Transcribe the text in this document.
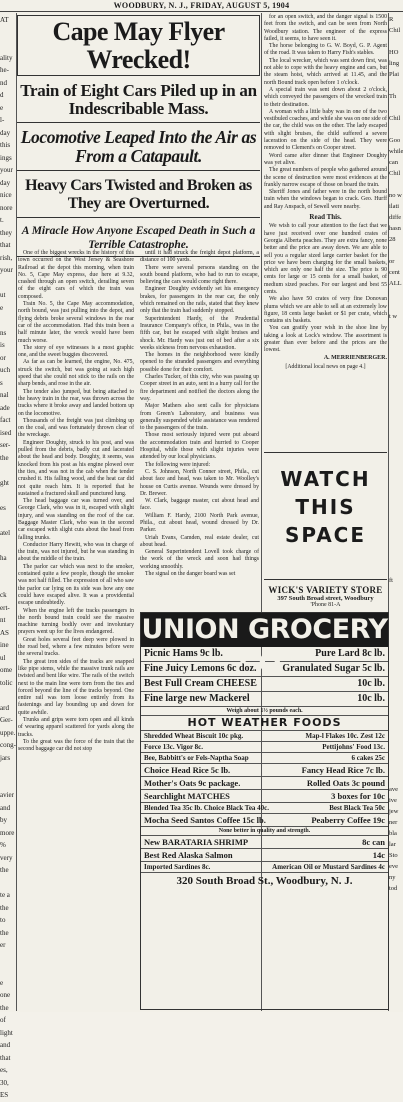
WOODBURY, N. J., FRIDAY, AUGUST 5, 1904
AT

ality
he-
nd
d
e
l-
day
this
ings
your
day
nice
nore
t.
they
that
rish,
your

ut
e

ns
is
or
uch
s
nal
ade
fact
ised
ser-
the

ght

es

atel

ha

ck
ert-
nt
AS
ine
ul
ome
tolic

ard
Ger-
uppe.
cong-
jars

avier
and
by
more
%
very
the

te a
the
to
the
er

e
one
the
of
light
and
that
es,
30,
ES
R
Chil

HO
ling
Plai

Th

Chil

Goo
while
can
Chil

no w
ilati
diffe
hasn
28

or
cent
ALL

t w

ft

ave
ive
jew
ner
bla
lar
Sto
eve
ny
tod
Cape May Flyer Wrecked!
Train of Eight Cars Piled up in an Indescribable Mass.
Locomotive Leaped Into the Air as From a Catapault.
Heavy Cars Twisted and Broken as They are Overturned.
A Miracle How Anyone Escaped Death in Such a Terrible Catastrophe.

One of the biggest wrecks in the history of this town occurred on the West Jersey & Seashore Railroad at the depot this morning, when train No. 5, Cape May express, due here at 9.32, crashed through an open switch, derailing seven of the eight cars of which the train was composed.

Train No. 5, the Cape May accommodation, north bound, was just pulling into the depot, and flying debris broke several windows in the rear car of the accommodation. Had this train been a half minute later, the wreck would have been much worse.

The story of eye witnesses is a most graphic one, and the sweet buggies discovered.

As far as can be learned, the engine, No. 475, struck the switch, but was going at such high speed that she could not stick to the rails on the sharp bends, and rose in the air.

The tender also jumped, but being attached to the heavy train in the rear, was thrown across the tracks where it broke away and landed bottom up on the locomotive.

Thousands of the freight was just climbing up on the coal, and was fortunately thrown clear of the wreckage.

Engineer Doughty, struck to his post, and was pulled from the debris, badly cut and lacerated about the head and body. Doughty, it seems, was knocked from his post as his engine plowed over the ties, and was not in the cab when the tender crushed it. His falling wood, and the heat car did not quite reach him. It is reported that he sustained a fractured skull and punctured lung.

The head baggage car was turned over, and George Clark, who was in it, escaped with slight injury, and was standing on the roof of the car. Baggage Master Clark, who was in the second car escaped with slight cuts about the head from falling trunks.

Conductor Harry Hewitt, who was in charge of the train, was not injured, but he was standing in about the middle of the train.

The parlor car which was next to the smoker, contained quite a few people, though the smoker was not half filled. The expression of all who saw the parlor car lying on its side was how any one could have escaped alive. It was a providential escape undoubtedly.

When the engine left the tracks passengers in the north bound train could see the massive machine turning bodily over and involuntary prayers went up for the lives endangered.

Great holes several feet deep were plowed in the road bed, where a few minutes before were the several tracks.

The great iron sides of the tracks are snapped like pipe stems, while the massive trunk rails are twisted and bent like wire. The rails of the switch next to the main line were torn from the ties and forced beyond the line of the tracks beyond. One entire rail was torn loose entirely from its fastenings and lay bounding up and down for quite awhile.

Trunks and grips were torn open and all kinds of wearing apparel scattered for yards along the tracks.

To the great was the force of the train that the second baggage car did not stop

until it had struck the freight depot platform, a distance of 100 yards.

There were several persons standing on the south bound platform, who had to run to escape, believing the cars would come right there.

Engineer Doughty evidently set his emergency brakes, for passengers in the rear car, the only which remained on the rails, stated that they knew only that the train had suddenly stopped.

Superintendent Hardy, of the Prudential Insurance Company's office, in Phila., was in the fifth car, but he escaped with slight bruises and shock. Mr. Hardy was just out of bed after a six weeks sickness from nervous exhaustion.

The homes in the neighborhood were kindly opened to the stranded passengers and everything possible done for their comfort.

Charles Tucker, of this city, who was passing up Cooper street in an auto, sent in a hurry call for the fire department and notified the doctors along the way.

Major Mathers also sent calls for physicians from Green's Laboratory, and business was generally suspended while assistance was rendered to the passengers of the train.

Those most seriously injured were put aboard the accommodation train and hurried to Cooper Hospital, while those with slight injuries were attended by our local physicians.

The following were injured:

C. S. Johnson, North Conner street, Phila., cut about face and head, was taken to Mr. Woolley's house on Curtis avenue. Wounds were dressed by Dr. Brewer.

W. Clark, baggage master, cut about head and face.

William F. Hardy, 2100 North Park avenue, Phila., cut about head, wound dressed by Dr. Parker.

Uriah Evans, Camden, real estate dealer, cut about head.

General Superintendent Lovell took charge of the work of the wreck and soon had things working smoothly.

The signal on the danger board was set

for an open switch, and the danger signal is 1500 feet from the switch, and can be seen from North Woodbury station. The engineer of the express failed, it seems, to have seen it.

The horse belonging to G. W. Boyd, G. P. Agent of the road. It was taken to Harry Fish's stables.

The local wrecker, which was sent down first, was not able to cope with the heavy engine and cars, but the steam hoist, which arrived at 11.45, and the north Bound track open before 1 o'clock.

A special train was sent down about 2 o'clock, which conveyed the passengers of the wrecked train to their destination.

A woman with a little baby was in one of the two vestibuled coaches, and while she was on one side of the car, the child was on the other. The lady escaped with slight bruises, the child suffered a severe laceration on the side of the head. They were removed to Clement's on Cooper street.

Word came after dinner that Engineer Doughty was yet alive.

The great numbers of people who gathered around the scene of destruction were most evidences at the frankly narrow escape of those on board the train.

Sheriff Jones and father were in the north bound train when the windows began to crack. Geo. Hurff and Ray Anspach, of Sewell were nearby.

Read This.

We wish to call your attention to the fact that we have just received over one hundred crates of Georgia Alberta peaches. They are extra fancy, none better and the price are away down. We are able to sell you a regular sized large carrier basket for the price we have been charging for the small baskets, which are only one half the size. The price is 90 cents for large or 15 cents for a small basket, of medium sized peaches. For our largest and best 55 cents.

We also have 50 crates of very fine Donovan plums which we are able to sell at an extremely low figure, 18 cents large basket or $1 per crate, which contains six baskets.

You can gratify your wish in the shoe line by taking a look at Lock's window. The assortment is greater than ever before and the prices are the lowest.

A. MERRIENBERGER.
[Additional local news on page 4.]
WATCH
THIS
SPACE
WICK'S VARIETY STORE
397 South Broad street, Woodbury
'Phone 81-A
UNION GROCERY CO.
Picnic Hams 9c lb.	Pure Lard 8c lb.
Fine Juicy Lemons 6c doz.	Granulated Sugar 5c lb.
Best Full Cream CHEESE	10c lb.
Fine large new Mackerel	10c lb.
Weigh about 1½ pounds each.
HOT WEATHER FOODS
Shredded Wheat Biscuit 10c pkg.	Map-l Flakes 10c. Zest 12c
Force 13c. Vigor 8c.	Pettijohns' Food 13c.
Bee, Babbitt's or Fels-Naptha Soap	6 cakes 25c
Choice Head Rice 5c lb.	Fancy Head Rice 7c lb.
Mother's Oats 9c package.	Rolled Oats 3c pound
Searchlight MATCHES	3 boxes for 10c
Blended Tea 35c lb. Choice Black Tea 40c.	Best Black Tea 50c
Mocha Seed Santos Coffee 15c lb.	Peaberry Coffee 19c
None better in quality and strength.
New BARATARIA SHRIMP	8c can
Best Red Alaska Salmon	14c
Imported Sardines 8c.	American Oil or Mustard Sardines 4c
320 South Broad St., Woodbury, N. J.
